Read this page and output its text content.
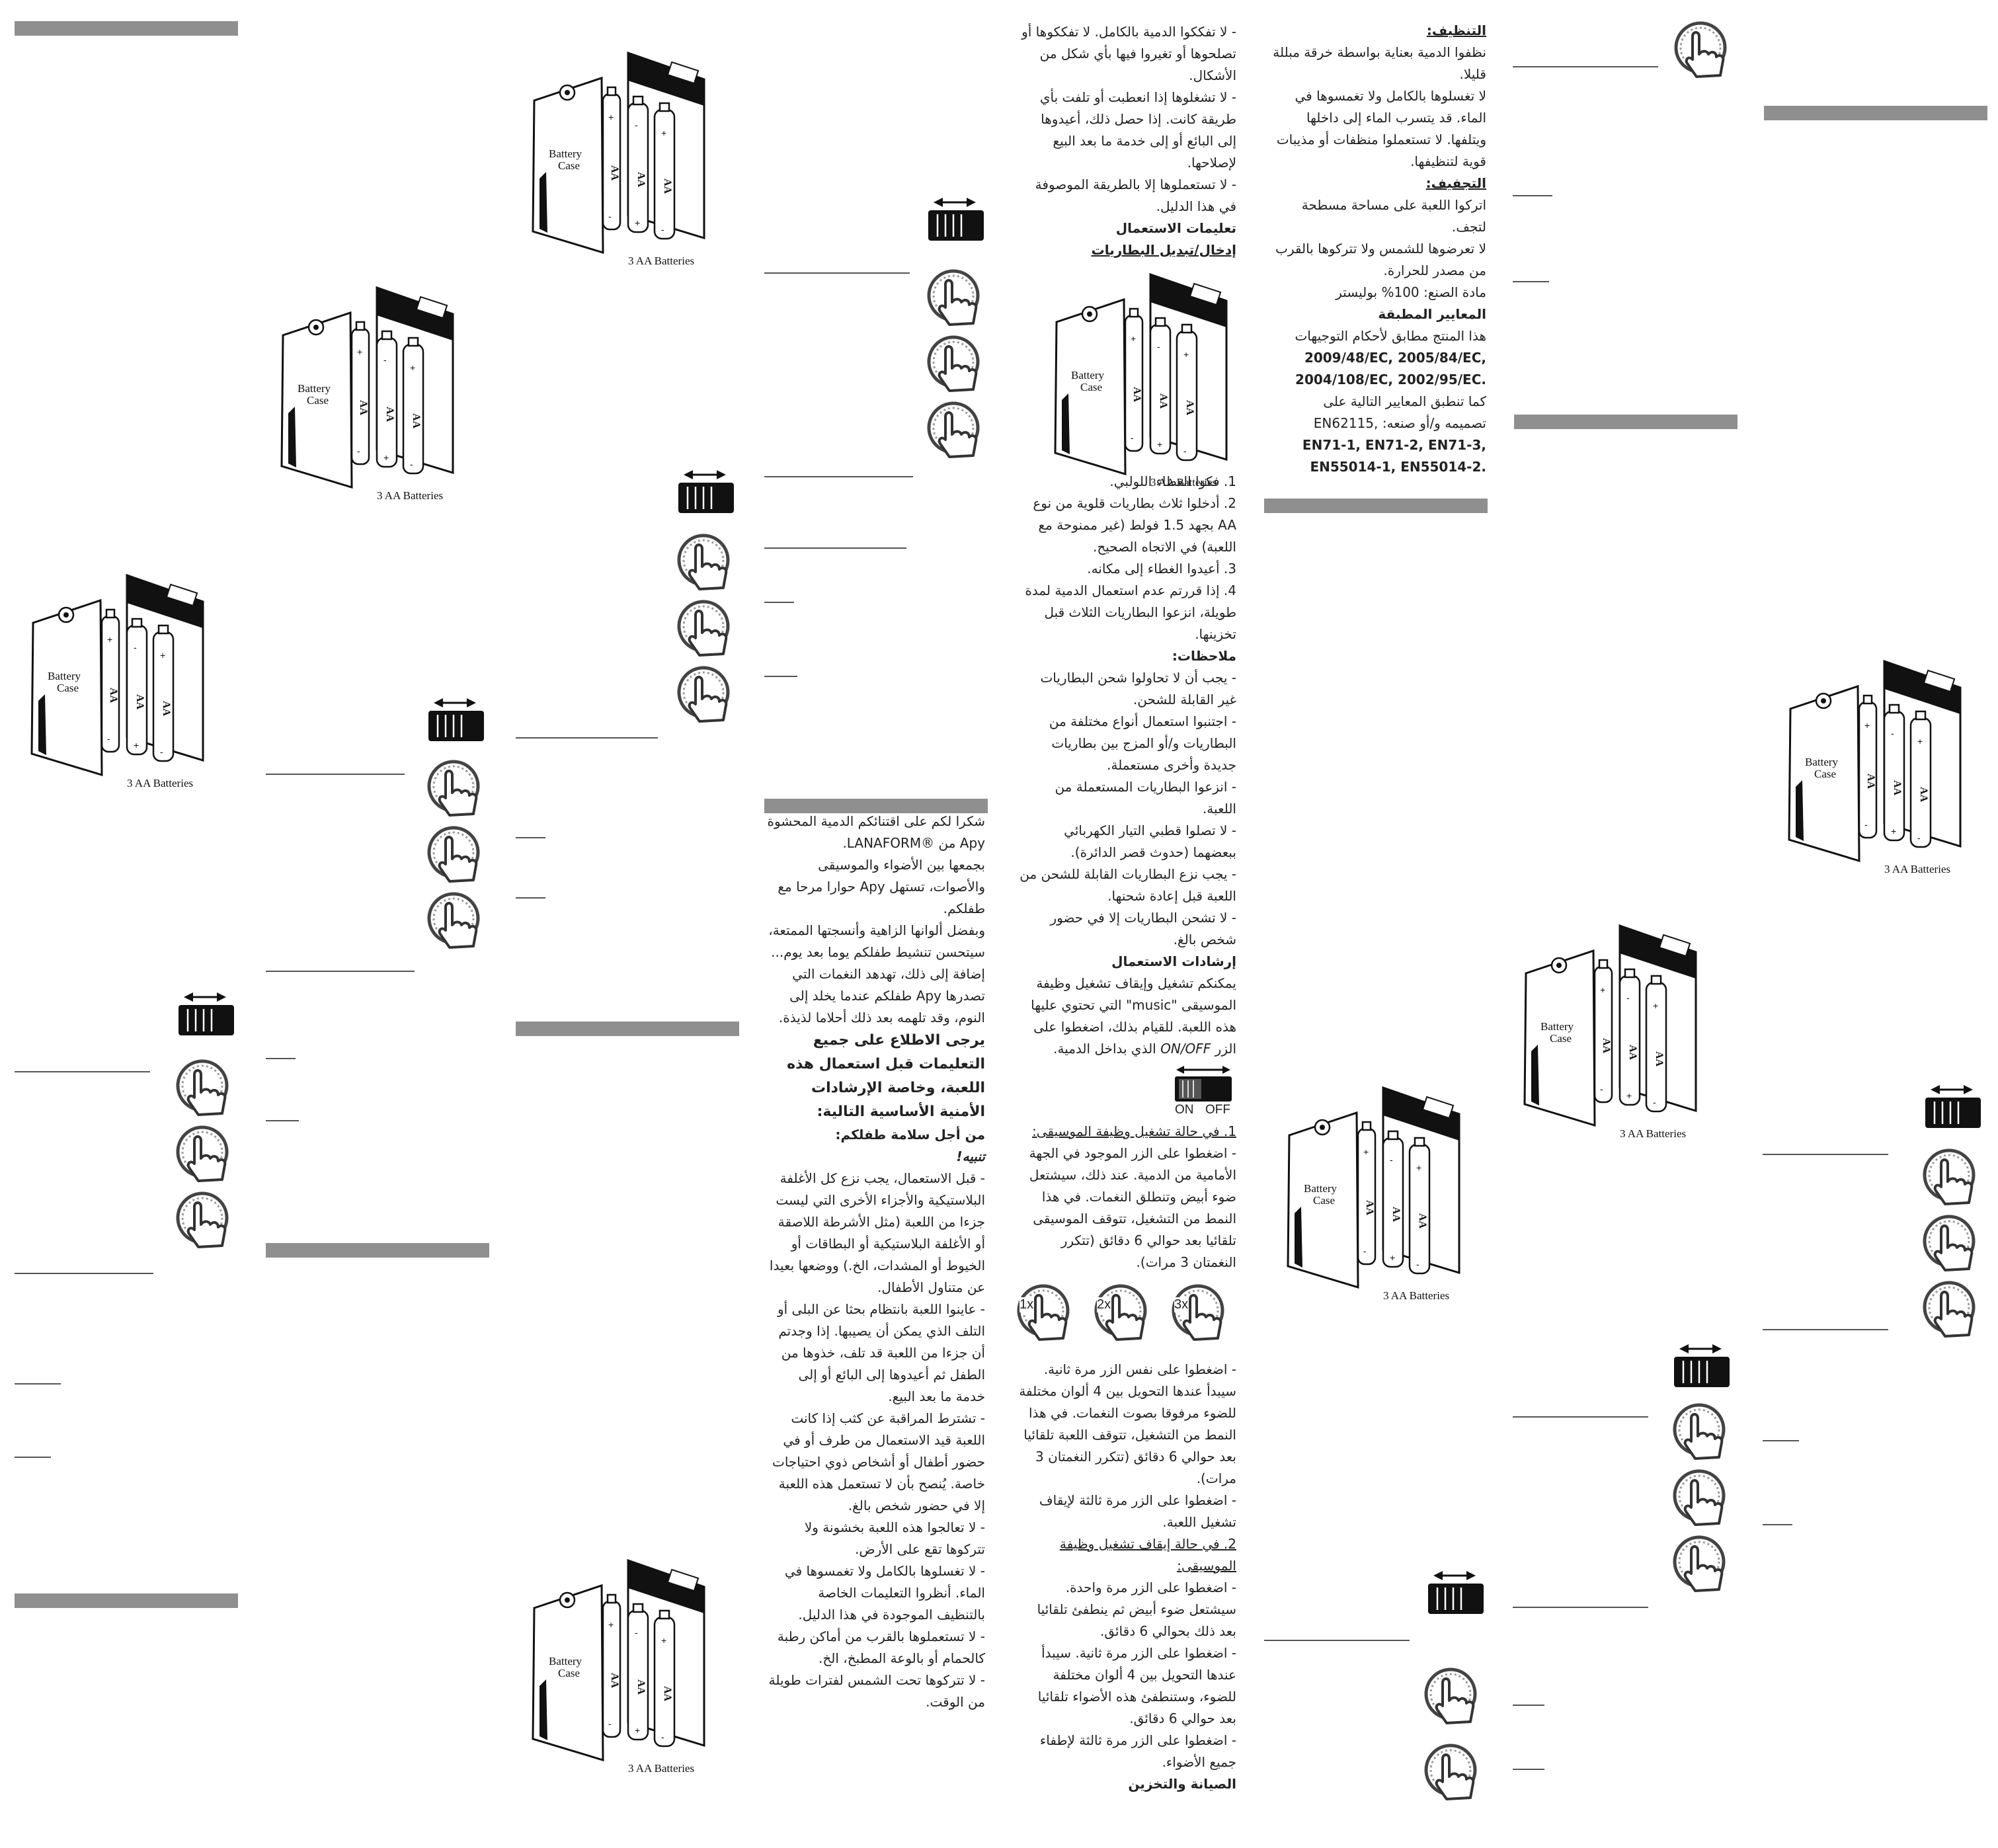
ON OFF
3x
2x
1x

التنظيف:

نظفوا الدمية بعناية بواسطة خرقة مبللة قليلا.

لا تغسلوها بالكامل ولا تغمسوها في الماء. قد يتسرب الماء إلى داخلها ويتلفها. لا تستعملوا منظفات أو مذيبات قوية لتنظيفها.

التجفيف:

اتركوا اللعبة على مساحة مسطحة لتجف.

لا تعرضوها للشمس ولا تتركوها بالقرب من مصدر للحرارة.

مادة الصنع: 100% بوليستر

المعايير المطبقة

هذا المنتج مطابق لأحكام التوجيهات

2009/48/EC, 2005/84/EC,
2004/108/EC, 2002/95/EC.

كما تنطبق المعايير التالية على

تصميمه و/أو صنعه: ,EN62115

EN71-1, EN71-2, EN71-3,
EN55014-1, EN55014-2.

- لا تفككوا الدمية بالكامل. لا تفككوها أو تصلحوها أو تغيروا فيها بأي شكل من الأشكال.

- لا تشغلوها إذا انعطبت أو تلفت بأي طريقة كانت. إذا حصل ذلك، أعيدوها إلى البائع أو إلى خدمة ما بعد البيع لإصلاحها.

- لا تستعملوها إلا بالطريقة الموصوفة في هذا الدليل.

تعليمات الاستعمال

إدخال/تبديل البطاريات

1. فكوا الغطاء اللولبي.

2. أدخلوا ثلاث بطاريات قلوية من نوع AA بجهد 1.5 فولط (غير ممنوحة مع اللعبة) في الاتجاه الصحيح.

3. أعيدوا الغطاء إلى مكانه.

4. إذا قررتم عدم استعمال الدمية لمدة طويلة، انزعوا البطاريات الثلاث قبل تخزينها.

ملاحظات:

- يجب أن لا تحاولوا شحن البطاريات غير القابلة للشحن.

- اجتنبوا استعمال أنواع مختلفة من البطاريات و/أو المزج بين بطاريات جديدة وأخرى مستعملة.

- انزعوا البطاريات المستعملة من اللعبة.

- لا تصلوا قطبي التيار الكهربائي ببعضهما (حدوث قصر الدائرة).

- يجب نزع البطاريات القابلة للشحن من اللعبة قبل إعادة شحنها.

- لا تشحن البطاريات إلا في حضور شخص بالغ.

إرشادات الاستعمال

يمكنكم تشغيل وإيقاف تشغيل وظيفة الموسيقى "music" التي تحتوي عليها هذه اللعبة. للقيام بذلك، اضغطوا على الزر ON/OFF الذي بداخل الدمية.

1. في حالة تشغيل وظيفة الموسيقى:

- اضغطوا على الزر الموجود في الجهة الأمامية من الدمية. عند ذلك، سيشتعل ضوء أبيض وتنطلق النغمات. في هذا النمط من التشغيل، تتوقف الموسيقى تلقائيا بعد حوالي 6 دقائق (تتكرر النغمتان 3 مرات).

- اضغطوا على نفس الزر مرة ثانية. سيبدأ عندها التحويل بين 4 ألوان مختلفة للضوء مرفوقا بصوت النغمات. في هذا النمط من التشغيل، تتوقف اللعبة تلقائيا بعد حوالي 6 دقائق (تتكرر النغمتان 3 مرات).

- اضغطوا على الزر مرة ثالثة لإيقاف تشغيل اللعبة.

2. في حالة إيقاف تشغيل وظيفة الموسيقى:

- اضغطوا على الزر مرة واحدة. سيشتعل ضوء أبيض ثم ينطفئ تلقائيا بعد ذلك بحوالي 6 دقائق.

- اضغطوا على الزر مرة ثانية. سيبدأ عندها التحويل بين 4 ألوان مختلفة للضوء، وستنطفئ هذه الأضواء تلقائيا بعد حوالي 6 دقائق.

- اضغطوا على الزر مرة ثالثة لإطفاء جميع الأضواء.

الصيانة والتخزين

شكرا لكم على اقتنائكم الدمية المحشوة Apy من ®LANAFORM.

بجمعها بين الأضواء والموسيقى والأصوات، تستهل Apy حوارا مرحا مع طفلكم.

وبفضل ألوانها الزاهية وأنسجتها الممتعة، سيتحسن تنشيط طفلكم يوما بعد يوم...

إضافة إلى ذلك، تهدهد النغمات التي تصدرها Apy طفلكم عندما يخلد إلى النوم، وقد تلهمه بعد ذلك أحلاما لذيذة.

يرجى الاطلاع على جميع التعليمات قبل استعمال هذه اللعبة، وخاصة الإرشادات الأمنية الأساسية التالية:

من أجل سلامة طفلكم:

تنبيه!

- قبل الاستعمال، يجب نزع كل الأغلفة البلاستيكية والأجزاء الأخرى التي ليست جزءا من اللعبة (مثل الأشرطة اللاصقة أو الأغلفة البلاستيكية أو البطاقات أو الخيوط أو المشدات، الخ.) ووضعها بعيدا عن متناول الأطفال.

- عاينوا اللعبة بانتظام بحثا عن البلى أو التلف الذي يمكن أن يصيبها. إذا وجدتم أن جزءا من اللعبة قد تلف، خذوها من الطفل ثم أعيدوها إلى البائع أو إلى خدمة ما بعد البيع.

- تشترط المراقبة عن كثب إذا كانت اللعبة قيد الاستعمال من طرف أو في حضور أطفال أو أشخاص ذوي احتياجات خاصة. يُنصح بأن لا تستعمل هذه اللعبة إلا في حضور شخص بالغ.

- لا تعالجوا هذه اللعبة بخشونة ولا تتركوها تقع على الأرض.

- لا تغسلوها بالكامل ولا تغمسوها في الماء. أنظروا التعليمات الخاصة بالتنظيف الموجودة في هذا الدليل.

- لا تستعملوها بالقرب من أماكن رطبة كالحمام أو بالوعة المطبخ، الخ.

- لا تتركوها تحت الشمس لفترات طويلة من الوقت.
